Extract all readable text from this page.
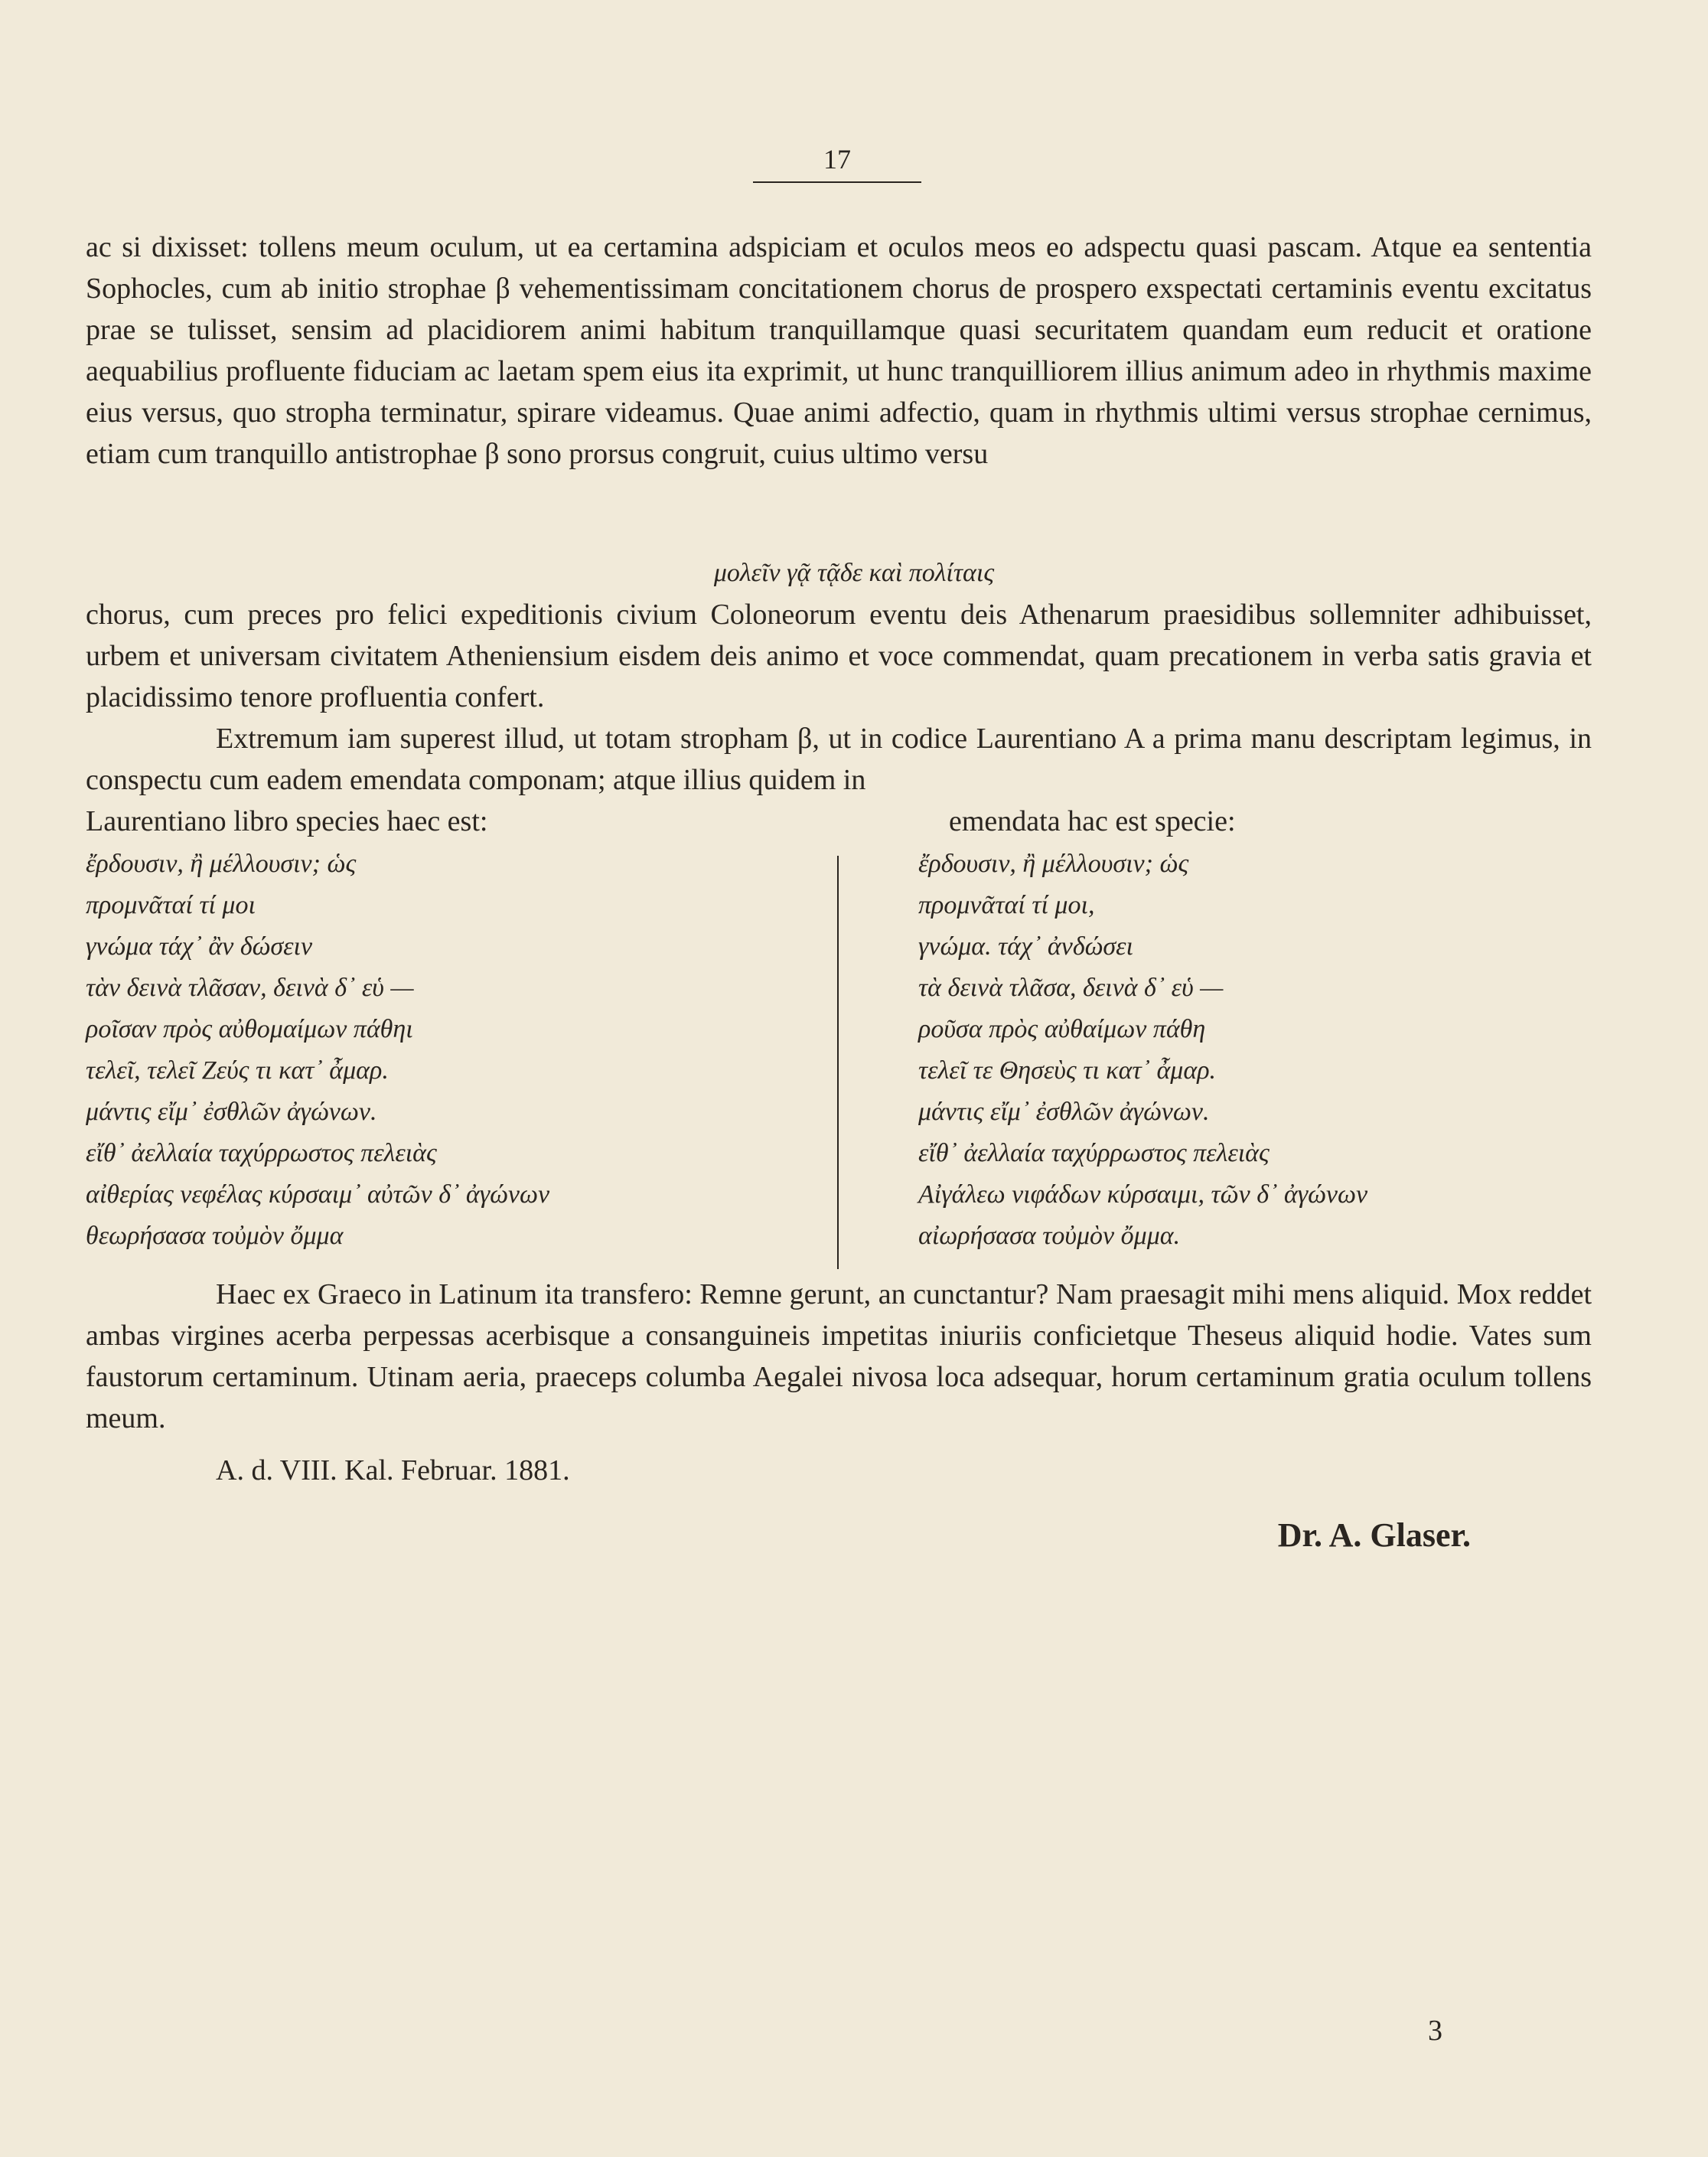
17

ac si dixisset: tollens meum oculum, ut ea certamina adspiciam et oculos meos eo adspectu quasi pascam. Atque ea sententia Sophocles, cum ab initio strophae β vehementissimam concitationem chorus de prospero exspectati certaminis eventu excitatus prae se tulisset, sensim ad placidiorem animi habitum tranquillamque quasi securitatem quandam eum reducit et oratione aequabilius profluente fiduciam ac laetam spem eius ita exprimit, ut hunc tranquilliorem illius animum adeo in rhythmis maxime eius versus, quo stropha terminatur, spirare videamus. Quae animi adfectio, quam in rhythmis ultimi versus strophae cernimus, etiam cum tranquillo antistrophae β sono prorsus congruit, cuius ultimo versu

μολεῖν γᾷ τᾷδε καὶ πολίταις

chorus, cum preces pro felici expeditionis civium Coloneorum eventu deis Athenarum praesidibus sollemniter adhibuisset, urbem et universam civitatem Atheniensium eisdem deis animo et voce commendat, quam precationem in verba satis gravia et placidissimo tenore profluentia confert.

Extremum iam superest illud, ut totam stropham β, ut in codice Laurentiano A a prima manu descriptam legimus, in conspectu cum eadem emendata componam; atque illius quidem in

Laurentiano libro species haec est:	emendata hac est specie:
ἔρδουσιν, ἢ μέλλουσιν; ὡς
προμνᾶταί τί μοι
γνώμα τάχ᾽ ἂν δώσειν
τὰν δεινὰ τλᾶσαν, δεινὰ δ᾽ εὑ —
ροῖσαν πρὸς αὐθομαίμων πάθηι
τελεῖ, τελεῖ Ζεύς τι κατ᾽ ἆμαρ.
μάντις εἴμ᾽ ἐσθλῶν ἀγώνων.
εἴθ᾽ ἀελλαία ταχύρρωστος πελειὰς
αἰθερίας νεφέλας κύρσαιμ᾽ αὐτῶν δ᾽ ἀγώνων
θεωρήσασα τοὐμὸν ὄμμα
ἔρδουσιν, ἢ μέλλουσιν; ὡς
προμνᾶταί τί μοι,
γνώμα. τάχ᾽ ἀνδώσει
τὰ δεινὰ τλᾶσα, δεινὰ δ᾽ εὑ —
ροῦσα πρὸς αὐθαίμων πάθη
τελεῖ τε Θησεὺς τι κατ᾽ ἆμαρ.
μάντις εἴμ᾽ ἐσθλῶν ἀγώνων.
εἴθ᾽ ἀελλαία ταχύρρωστος πελειὰς
Αἰγάλεω νιφάδων κύρσαιμι, τῶν δ᾽ ἀγώνων
αἰωρήσασα τοὐμὸν ὄμμα.

Haec ex Graeco in Latinum ita transfero: Remne gerunt, an cunctantur? Nam praesagit mihi mens aliquid. Mox reddet ambas virgines acerba perpessas acerbisque a consanguineis impetitas iniuriis conficietque Theseus aliquid hodie. Vates sum faustorum certaminum. Utinam aeria, praeceps columba Aegalei nivosa loca adsequar, horum certaminum gratia oculum tollens meum.

A. d. VIII. Kal. Februar. 1881.
Dr. A. Glaser.
3
